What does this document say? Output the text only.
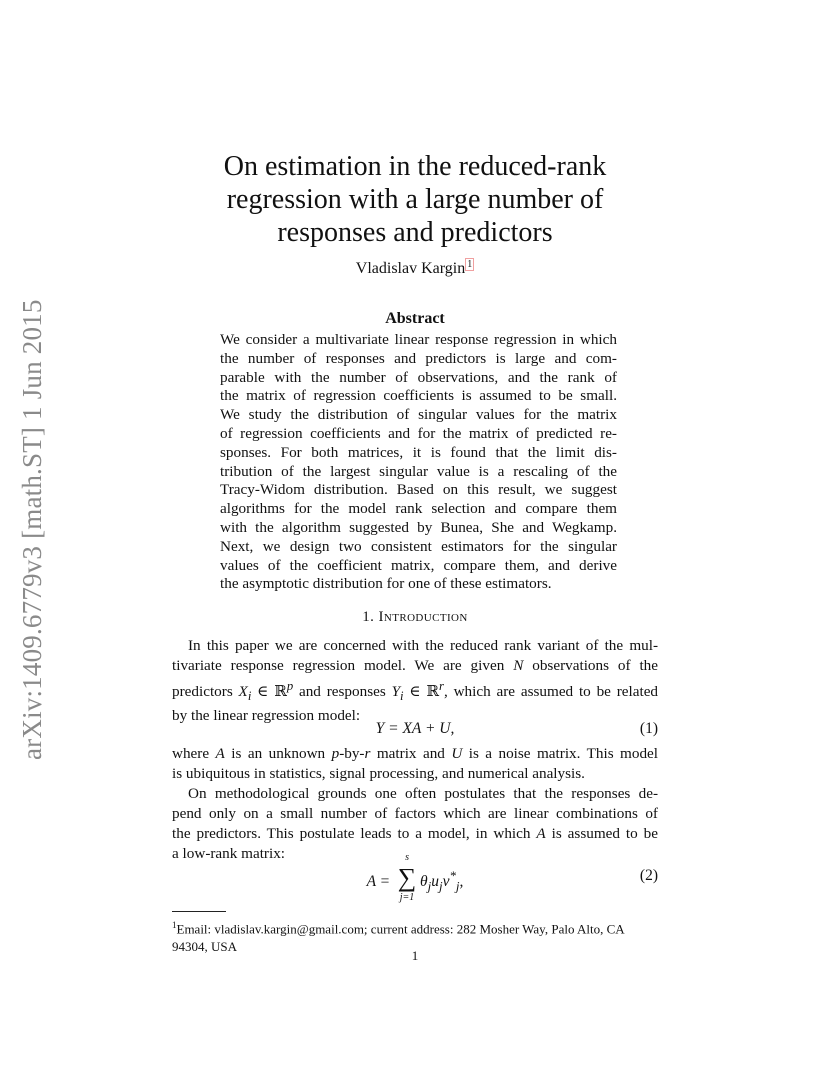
arXiv:1409.6779v3 [math.ST] 1 Jun 2015
On estimation in the reduced-rank
regression with a large number of
responses and predictors
Vladislav Kargin $^1$
Abstract
We consider a multivariate linear response regression in which
the number of responses and predictors is large and com-
parable with the number of observations, and the rank of
the matrix of regression coefficients is assumed to be small.
We study the distribution of singular values for the matrix
of regression coefficients and for the matrix of predicted re-
sponses. For both matrices, it is found that the limit dis-
tribution of the largest singular value is a rescaling of the
Tracy-Widom distribution. Based on this result, we suggest
algorithms for the model rank selection and compare them
with the algorithm suggested by Bunea, She and Wegkamp.
Next, we design two consistent estimators for the singular
values of the coefficient matrix, compare them, and derive
the asymptotic distribution for one of these estimators.
1. Introduction
In this paper we are concerned with the reduced rank variant of the mul-
tivariate response regression model. We are given N observations of the
predictors $X_i$ ∈ ℝ$^p$ and responses $Y_i$ ∈ ℝ$^r$, which are assumed to be related
by the linear regression model:
Y = XA + U,	(1)
where A is an unknown p-by-r matrix and U is a noise matrix. This model
is ubiquitous in statistics, signal processing, and numerical analysis.
On methodological grounds one often postulates that the responses de-
pend only on a small number of factors which are linear combinations of
the predictors. This postulate leads to a model, in which A is assumed to be
a low-rank matrix:
A =
s
∑
j=1
$\theta_ju_jv^*_j$,	(2)
$^1$Email: vladislav.kargin@gmail.com; current address: 282 Mosher Way, Palo Alto, CA
94304, USA
1
